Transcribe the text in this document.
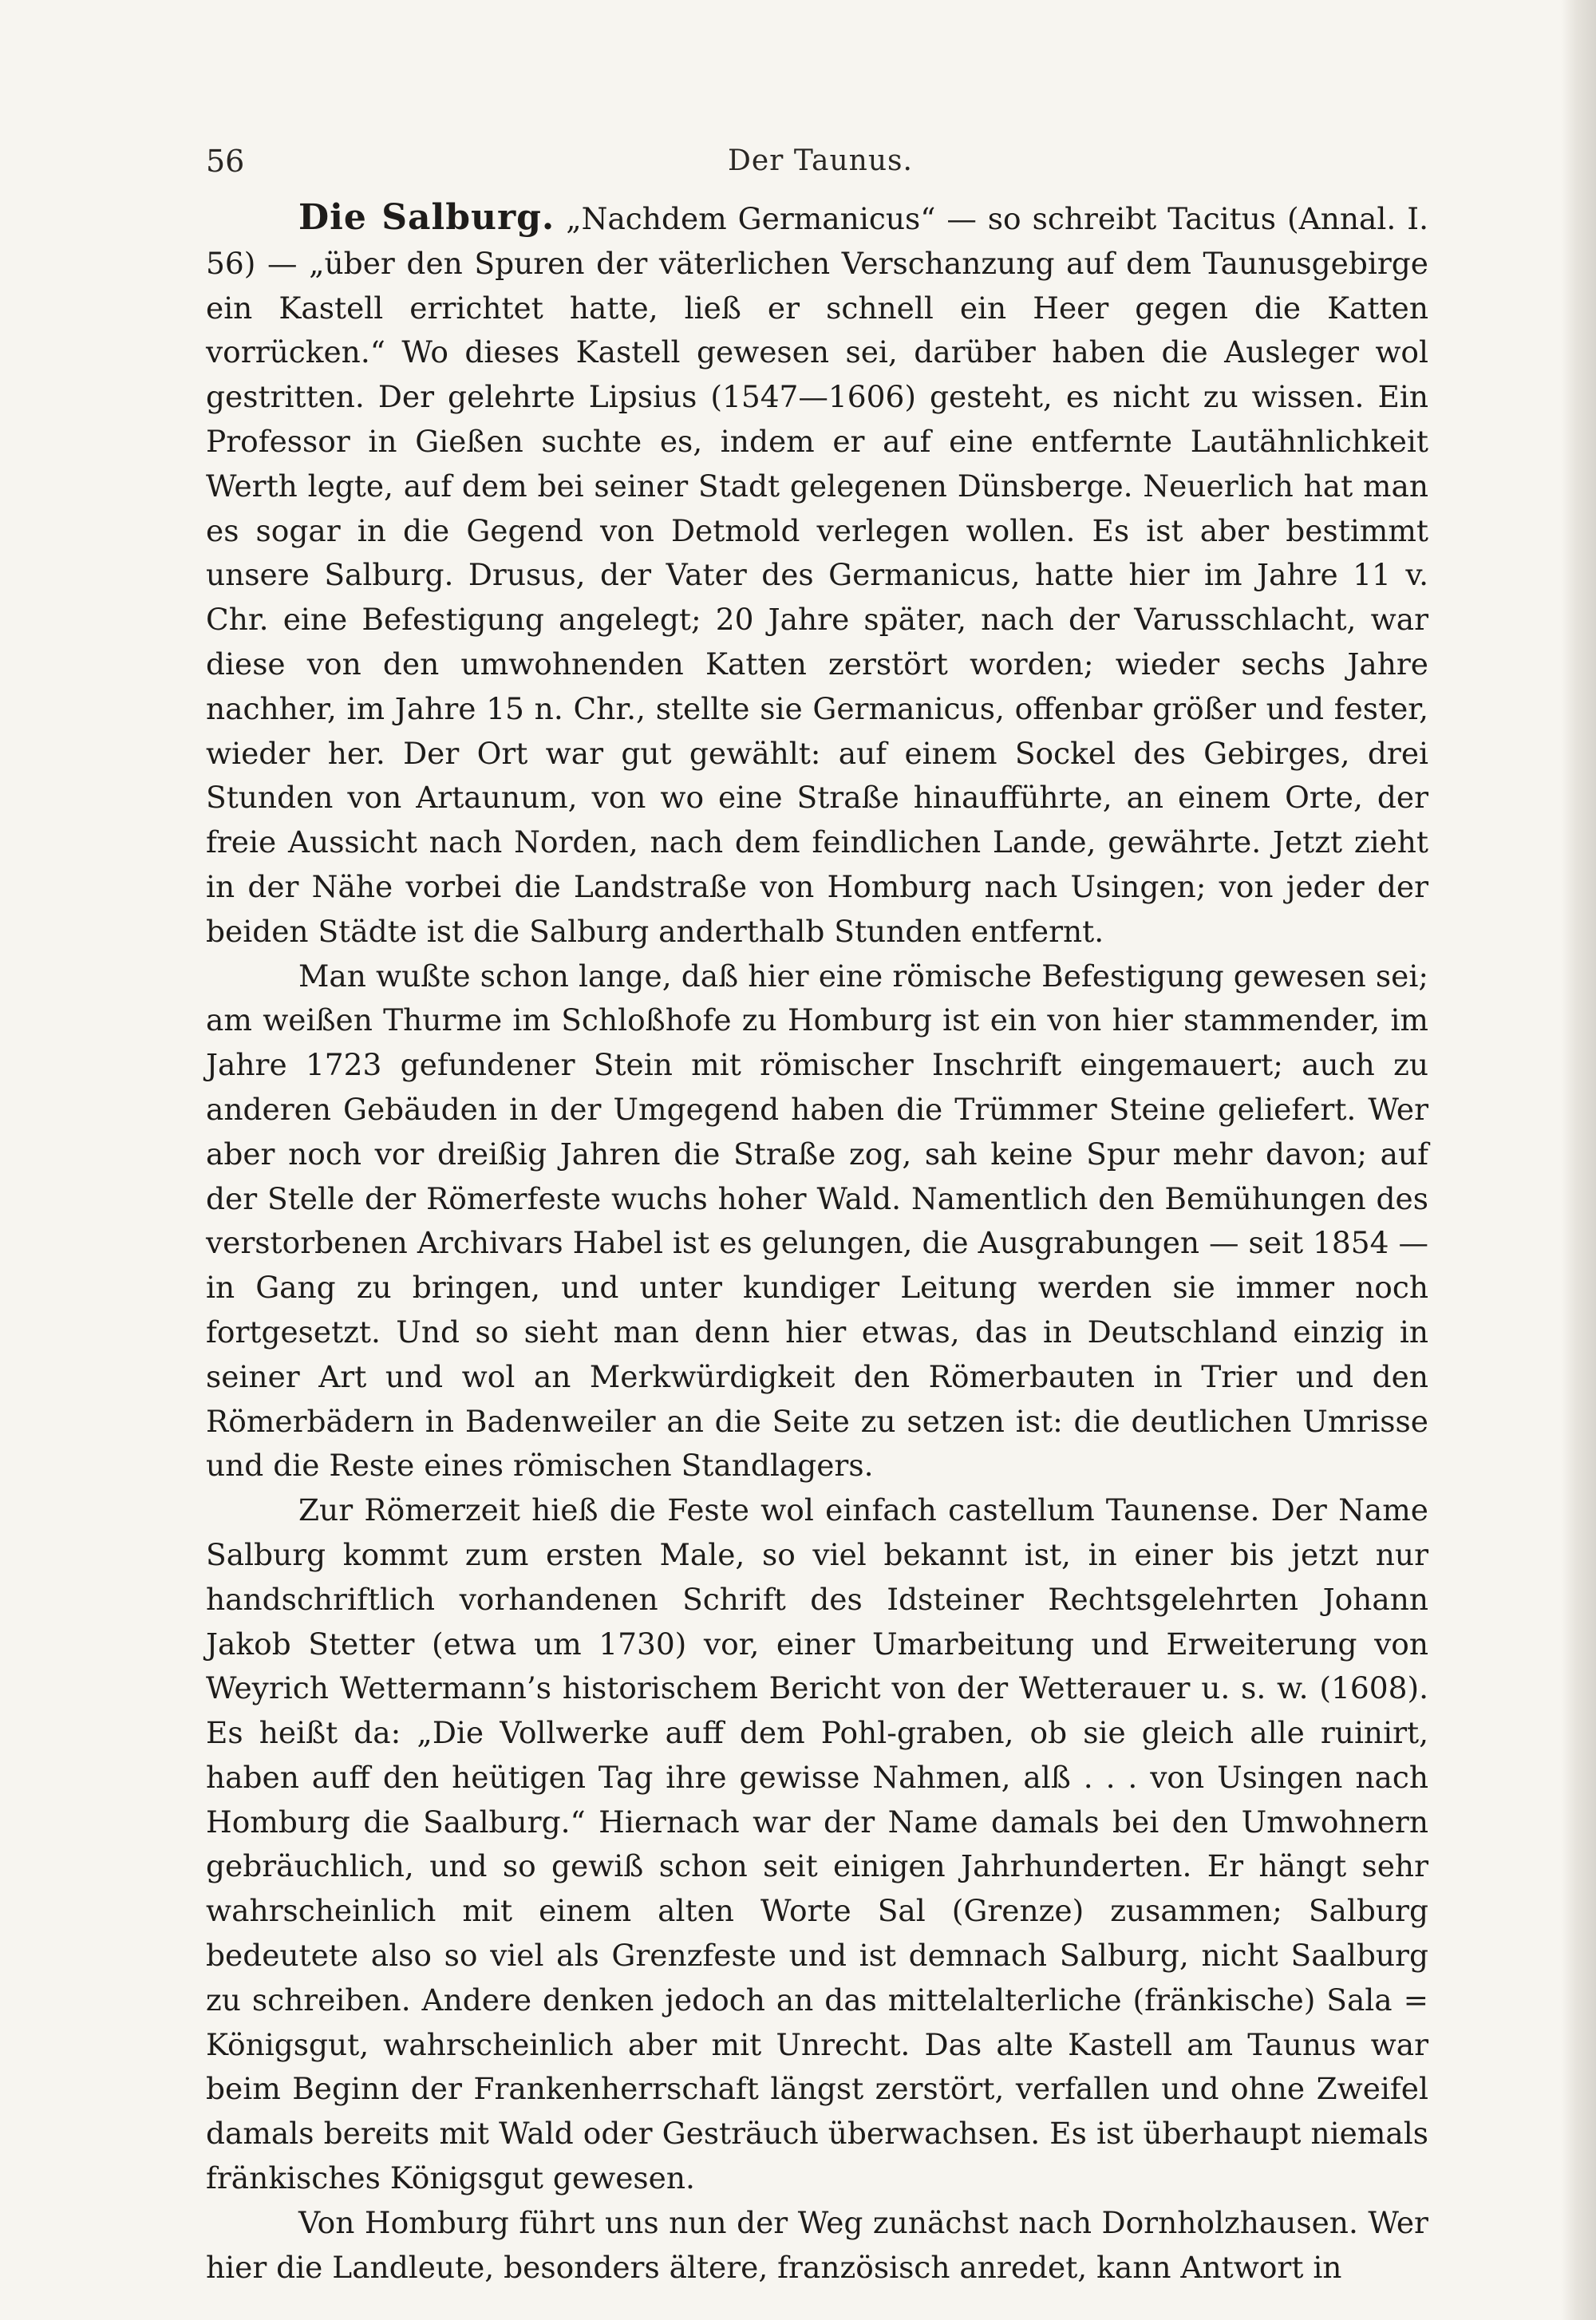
56	Der Taunus.

Die Salburg. „Nachdem Germanicus“ — so schreibt Tacitus (Annal. I. 56) — „über den Spuren der väterlichen Verschanzung auf dem Taunusgebirge ein Kastell errichtet hatte, ließ er schnell ein Heer gegen die Katten vorrücken.“ Wo dieses Kastell gewesen sei, darüber haben die Ausleger wol gestritten. Der gelehrte Lipsius (1547—1606) gesteht, es nicht zu wissen. Ein Professor in Gießen suchte es, indem er auf eine entfernte Lautähnlichkeit Werth legte, auf dem bei seiner Stadt gelegenen Dünsberge. Neuerlich hat man es sogar in die Gegend von Detmold verlegen wollen. Es ist aber bestimmt unsere Salburg. Drusus, der Vater des Germanicus, hatte hier im Jahre 11 v. Chr. eine Befestigung angelegt; 20 Jahre später, nach der Varusschlacht, war diese von den umwohnenden Katten zerstört worden; wieder sechs Jahre nachher, im Jahre 15 n. Chr., stellte sie Germanicus, offenbar größer und fester, wieder her. Der Ort war gut gewählt: auf einem Sockel des Gebirges, drei Stunden von Artaunum, von wo eine Straße hinaufführte, an einem Orte, der freie Aussicht nach Norden, nach dem feindlichen Lande, gewährte. Jetzt zieht in der Nähe vorbei die Landstraße von Homburg nach Usingen; von jeder der beiden Städte ist die Salburg anderthalb Stunden entfernt.

Man wußte schon lange, daß hier eine römische Befestigung gewesen sei; am weißen Thurme im Schloßhofe zu Homburg ist ein von hier stammender, im Jahre 1723 gefundener Stein mit römischer Inschrift eingemauert; auch zu anderen Gebäuden in der Umgegend haben die Trümmer Steine geliefert. Wer aber noch vor dreißig Jahren die Straße zog, sah keine Spur mehr davon; auf der Stelle der Römerfeste wuchs hoher Wald. Namentlich den Bemühungen des verstorbenen Archivars Habel ist es gelungen, die Ausgrabungen — seit 1854 — in Gang zu bringen, und unter kundiger Leitung werden sie immer noch fortgesetzt. Und so sieht man denn hier etwas, das in Deutschland einzig in seiner Art und wol an Merkwürdigkeit den Römerbauten in Trier und den Römerbädern in Badenweiler an die Seite zu setzen ist: die deutlichen Umrisse und die Reste eines römischen Standlagers.

Zur Römerzeit hieß die Feste wol einfach castellum Taunense. Der Name Salburg kommt zum ersten Male, so viel bekannt ist, in einer bis jetzt nur handschriftlich vorhandenen Schrift des Idsteiner Rechtsgelehrten Johann Jakob Stetter (etwa um 1730) vor, einer Umarbeitung und Erweiterung von Weyrich Wettermann’s historischem Bericht von der Wetterauer u. s. w. (1608). Es heißt da: „Die Vollwerke auff dem Pohl-graben, ob sie gleich alle ruinirt, haben auff den heütigen Tag ihre gewisse Nahmen, alß . . . von Usingen nach Homburg die Saalburg.“ Hiernach war der Name damals bei den Umwohnern gebräuchlich, und so gewiß schon seit einigen Jahrhunderten. Er hängt sehr wahrscheinlich mit einem alten Worte Sal (Grenze) zusammen; Salburg bedeutete also so viel als Grenzfeste und ist demnach Salburg, nicht Saalburg zu schreiben. Andere denken jedoch an das mittelalterliche (fränkische) Sala = Königsgut, wahrscheinlich aber mit Unrecht. Das alte Kastell am Taunus war beim Beginn der Frankenherrschaft längst zerstört, verfallen und ohne Zweifel damals bereits mit Wald oder Gesträuch überwachsen. Es ist überhaupt niemals fränkisches Königsgut gewesen.

Von Homburg führt uns nun der Weg zunächst nach Dornholzhausen. Wer hier die Landleute, besonders ältere, französisch anredet, kann Antwort in
